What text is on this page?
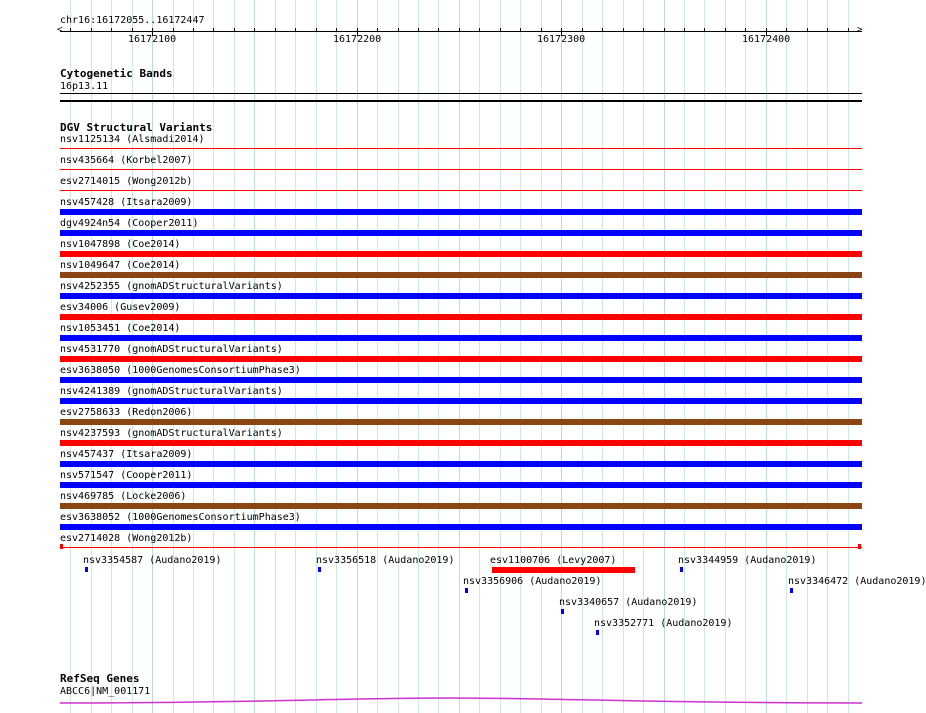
chr16:16172055..16172447
<	>
16172100	16172200	16172300	16172400
Cytogenetic Bands
16p13.11
DGV Structural Variants
nsv1125134 (Alsmadi2014)
nsv435664 (Korbel2007)
esv2714015 (Wong2012b)
nsv457428 (Itsara2009)
dgv4924n54 (Cooper2011)
nsv1047898 (Coe2014)
nsv1049647 (Coe2014)
nsv4252355 (gnomADStructuralVariants)
esv34006 (Gusev2009)
nsv1053451 (Coe2014)
nsv4531770 (gnomADStructuralVariants)
esv3638050 (1000GenomesConsortiumPhase3)
nsv4241389 (gnomADStructuralVariants)
esv2758633 (Redon2006)
nsv4237593 (gnomADStructuralVariants)
nsv457437 (Itsara2009)
nsv571547 (Cooper2011)
nsv469785 (Locke2006)
esv3638052 (1000GenomesConsortiumPhase3)
esv2714028 (Wong2012b)
nsv3354587 (Audano2019)	nsv3356518 (Audano2019)	esv1100706 (Levy2007)	nsv3344959 (Audano2019)
nsv3356906 (Audano2019)	nsv3346472 (Audano2019)
nsv3340657 (Audano2019)
nsv3352771 (Audano2019)
RefSeq Genes
ABCC6|NM_001171
